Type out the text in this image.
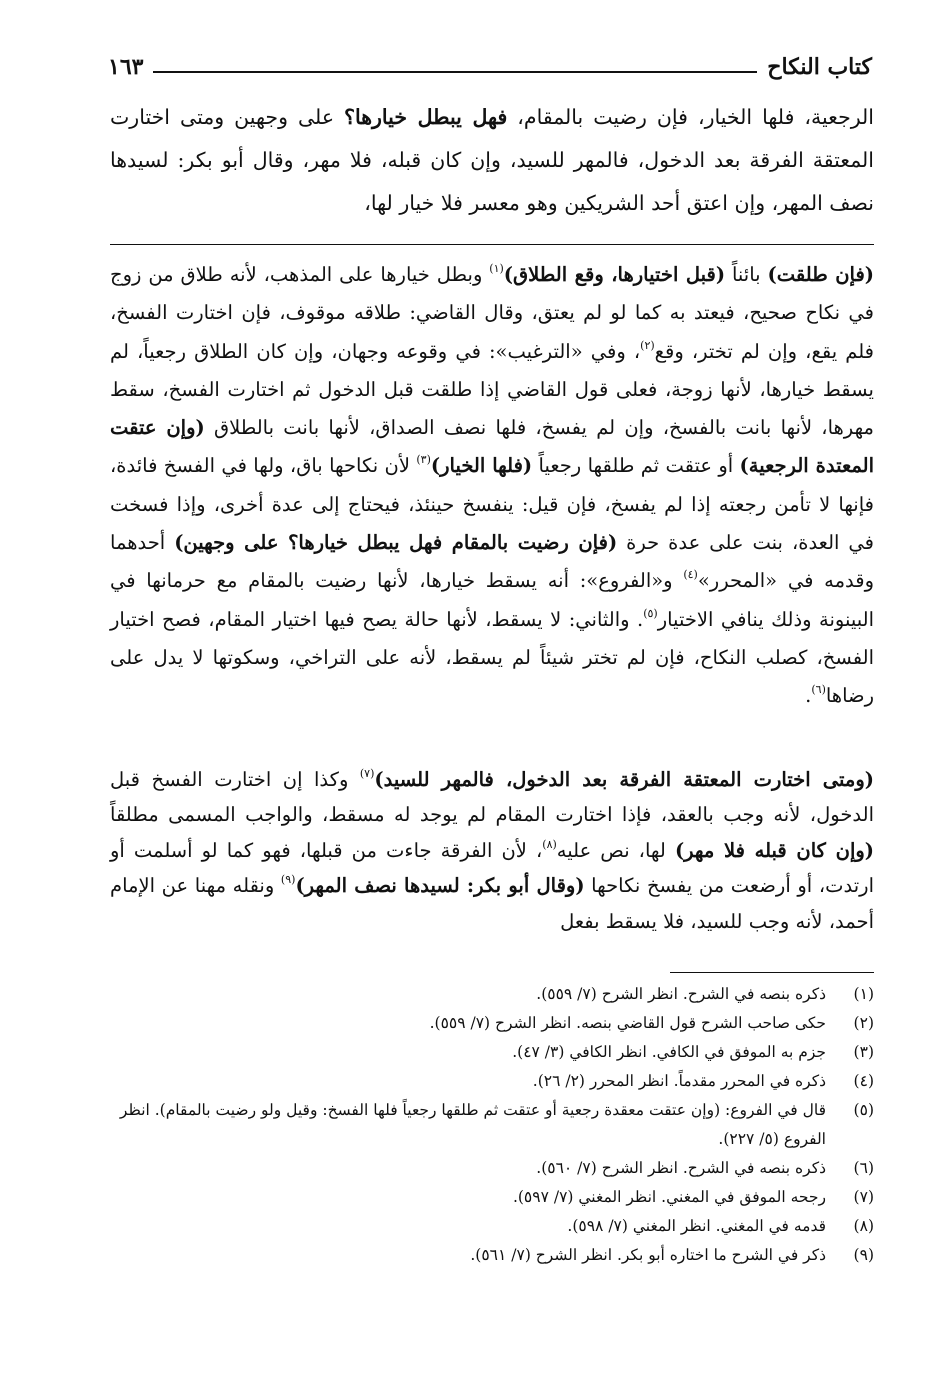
كتاب النكاح
١٦٣
الرجعية، فلها الخيار، فإن رضيت بالمقام، فهل يبطل خيارها؟ على وجهين ومتى اختارت المعتقة الفرقة بعد الدخول، فالمهر للسيد، وإن كان قبله، فلا مهر، وقال أبو بكر: لسيدها نصف المهر، وإن اعتق أحد الشريكين وهو معسر فلا خيار لها،
(فإن طلقت) بائناً (قبل اختيارها، وقع الطلاق)$^{(١)}$ وبطل خيارها على المذهب، لأنه طلاق من زوج في نكاح صحيح، فيعتد به كما لو لم يعتق، وقال القاضي: طلاقه موقوف، فإن اختارت الفسخ، فلم يقع، وإن لم تختر، وقع$^{(٢)}$، وفي «الترغيب»: في وقوعه وجهان، وإن كان الطلاق رجعياً، لم يسقط خيارها، لأنها زوجة، فعلى قول القاضي إذا طلقت قبل الدخول ثم اختارت الفسخ، سقط مهرها، لأنها بانت بالفسخ، وإن لم يفسخ، فلها نصف الصداق، لأنها بانت بالطلاق (وإن عتقت المعتدة الرجعية) أو عتقت ثم طلقها رجعياً (فلها الخيار)$^{(٣)}$ لأن نكاحها باق، ولها في الفسخ فائدة، فإنها لا تأمن رجعته إذا لم يفسخ، فإن قيل: ينفسخ حينئذ، فيحتاج إلى عدة أخرى، وإذا فسخت في العدة، بنت على عدة حرة (فإن رضيت بالمقام فهل يبطل خيارها؟ على وجهين) أحدهما وقدمه في «المحرر»$^{(٤)}$ و«الفروع»: أنه يسقط خيارها، لأنها رضيت بالمقام مع حرمانها في البينونة وذلك ينافي الاختيار$^{(٥)}$. والثاني: لا يسقط، لأنها حالة يصح فيها اختيار المقام، فصح اختيار الفسخ، كصلب النكاح، فإن لم تختر شيئاً لم يسقط، لأنه على التراخي، وسكوتها لا يدل على رضاها$^{(٦)}$.
(ومتى اختارت المعتقة الفرقة بعد الدخول، فالمهر للسيد)$^{(٧)}$ وكذا إن اختارت الفسخ قبل الدخول، لأنه وجب بالعقد، فإذا اختارت المقام لم يوجد له مسقط، والواجب المسمى مطلقاً (وإن كان قبله فلا مهر) لها، نص عليه$^{(٨)}$، لأن الفرقة جاءت من قبلها، فهو كما لو أسلمت أو ارتدت، أو أرضعت من يفسخ نكاحها (وقال أبو بكر: لسيدها نصف المهر)$^{(٩)}$ ونقله مهنا عن الإمام أحمد، لأنه وجب للسيد، فلا يسقط بفعل
(١)
ذكره بنصه في الشرح. انظر الشرح (٧/ ٥٥٩).
(٢)
حكى صاحب الشرح قول القاضي بنصه. انظر الشرح (٧/ ٥٥٩).
(٣)
جزم به الموفق في الكافي. انظر الكافي (٣/ ٤٧).
(٤)
ذكره في المحرر مقدماً. انظر المحرر (٢/ ٢٦).
(٥)
قال في الفروع: (وإن عتقت معقدة رجعية أو عتقت ثم طلقها رجعياً فلها الفسخ: وقيل ولو رضيت بالمقام). انظر الفروع (٥/ ٢٢٧).
(٦)
ذكره بنصه في الشرح. انظر الشرح (٧/ ٥٦٠).
(٧)
رجحه الموفق في المغني. انظر المغني (٧/ ٥٩٧).
(٨)
قدمه في المغني. انظر المغني (٧/ ٥٩٨).
(٩)
ذكر في الشرح ما اختاره أبو بكر. انظر الشرح (٧/ ٥٦١).
